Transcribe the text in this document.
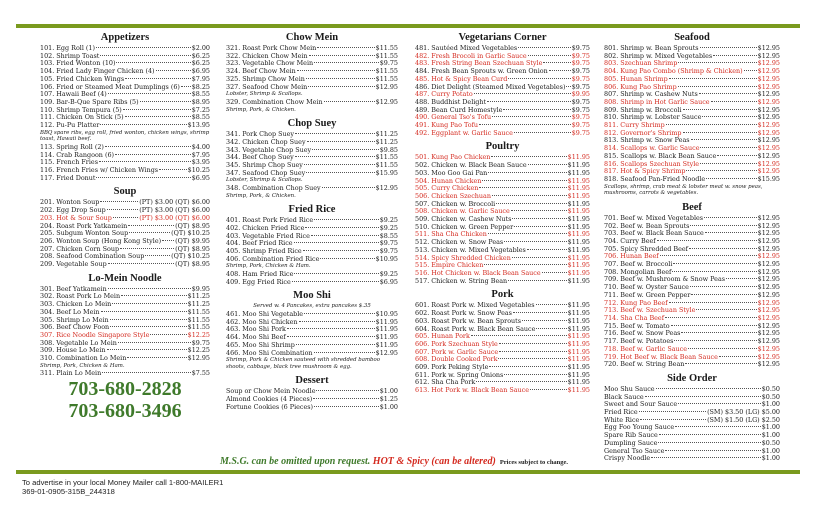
Appetizers
101. Egg Roll (1)	$2.00
102. Shrimp Toast	$6.25
103. Fried Wonton (10)	$6.25
104. Fried Lady Finger Chicken (4)	$6.95
105. Fried Chicken Wings	$7.95
106. Fried or Steamed Meat Dumplings (6) $8.25
107. Hawaii Beef (4)	$8.55
109. Bar-B-Que Spare Ribs (5)	$8.95
110. Shrimp Tempura (5)	$7.25
111. Chicken On Stick (5)	$8.55
112. Pu-Pu Platter	$13.95
BBQ spare ribs, egg roll, fried wonton, chicken wings, shrimp toast, Hawaii beef.
113. Spring Roll (2)	$4.00
114. Crab Rangoon (6)	$7.95
115. French Fries	$3.95
116. French Fries w/ Chicken Wings	$10.25
117. Fried Donut	$6.95
Soup
201. Wonton Soup	(PT) $3.00 (QT) $6.00
202. Egg Drop Soup	(PT) $3.00 (QT) $6.00
203. Hot & Sour Soup	(PT) $3.00 (QT) $6.00
204. Roast Pork Yatkamein	(QT) $8.95
205. Subgum Wonton Soup	(QT) $10.25
206. Wonton Soup (Hong Kong Style) (QT) $9.95
207. Chicken Corn Soup	(QT) $8.95
208. Seafood Combination Soup	(QT) $10.25
209. Vegetable Soup	(QT) $8.95
Lo-Mein Noodle
301. Beef Yatkamein	$9.95
302. Roast Pork Lo Mein	$11.25
303. Chicken Lo Mein	$11.25
304. Beef Lo Mein	$11.55
305. Shrimp Lo Mein	$11.55
306. Beef Chow Foon	$11.55
307. Rice Noodle Singapore Style	$12.25
308. Vegetable Lo Mein	$9.75
309. House Lo Mein	$12.25
310. Combination Lo Mein	$12.95
Shrimp, Pork, Chicken & Ham.
311. Plain Lo Mein	$7.55
703-680-2828
703-680-3496
Chow Mein
321. Roast Pork Chow Mein	$11.55
322. Chicken Chow Mein	$11.55
323. Vegetable Chow Mein	$9.75
324. Beef Chow Mein	$11.55
325. Shrimp Chow Mein	$11.55
327. Seafood Chow Mein	$12.95
Lobster, Shrimp & Scallops.
329. Combination Chow Mein	$12.95
Shrimp, Pork, & Chicken.
Chop Suey
341. Pork Chop Suey	$11.25
342. Chicken Chop Suey	$11.25
343. Vegetable Chop Suey	$9.85
344. Beef Chop Suey	$11.55
345. Shrimp Chop Suey	$11.55
347. Seafood Chop Suey	$15.95
Lobster, Shrimp & Scallops.
348. Combination Chop Suey	$12.95
Shrimp, Pork, & Chicken.
Fried Rice
401. Roast Pork Fried Rice	$9.25
402. Chicken Fried Rice	$9.25
403. Vegetable Fried Rice	$8.55
404. Beef Fried Rice	$9.75
405. Shrimp Fried Rice	$9.75
406. Combination Fried Rice	$10.95
Shrimp, Pork, Chicken & Ham.
408. Ham Fried Rice	$9.25
409. Egg Fried Rice	$6.95
Moo Shi
Served w. 4 Pancakes, extra pancakes $.35
461. Moo Shi Vegetable	$10.95
462. Moo Shi Chicken	$11.95
463. Moo Shi Pork	$11.95
464. Moo Shi Beef	$11.95
465. Moo Shi Shrimp	$11.95
466. Moo Shi Combination	$12.95
Shrimp, Pork & Chicken sauteed with shredded bamboo shoots, cabbage, black tree mushroom & egg.
Dessert
Soup or Chow Mein Noodle	$1.00
Almond Cookies (4 Pieces)	$1.25
Fortune Cookies (6 Pieces)	$1.00
Vegetarians Corner
481. Sautéed Mixed Vegetables	$9.75
482. Fresh Brocoli in Garlic Sauce	$9.75
483. Fresh String Bean Szechuan Style	$9.75
484. Fresh Bean Sprouts w. Green Onion	$9.75
485. Hot & Spicy Bean Curd	$9.75
486. Diet Delight (Steamed Mixed Vegetables) $9.75
487. Curry Potato	$9.95
488. Buddhist Delight	$9.75
489. Bean Curd Homestyle	$9.75
490. General Tso's Tofu	$9.75
491. Kung Pao Tofu	$9.75
492. Eggplant w. Garlic Sauce	$9.75
Poultry
501. Kung Pao Chicken	$11.95
502. Chicken w. Black Bean Sauce	$11.95
503. Moo Goo Gai Pan	$11.95
504. Hunan Chicken	$11.95
505. Curry Chicken	$11.95
506. Chicken Szechuan	$11.95
507. Chicken w. Broccoli	$11.95
508. Chicken w. Garlic Sauce	$11.95
509. Chicken w. Cashew Nuts	$11.95
510. Chicken w. Green Pepper	$11.95
511. Sha Cha Chicken	$11.95
512. Chicken w. Snow Peas	$11.95
513. Chicken w. Mixed Vegetables	$11.95
514. Spicy Shredded Chicken	$11.95
515. Empire Chicken	$11.95
516. Hot Chicken w. Black Bean Sauce	$11.95
517. Chicken w. String Bean	$11.95
Pork
601. Roast Pork w. Mixed Vegetables	$11.95
602. Roast Pork w. Snow Peas	$11.95
603. Roast Pork w. Bean Sprouts	$11.95
604. Roast Pork w. Black Bean Sauce	$11.95
605. Hunan Pork	$11.95
606. Pork Szechuan Style	$11.95
607. Pork w. Garlic Sauce	$11.95
608. Double Cooked Pork	$11.95
609. Pork Peking Style	$11.95
611. Pork w. Spring Onions	$11.95
612. Sha Cha Pork	$11.95
613. Hot Pork w. Black Bean Sauce	$11.95
Seafood
801. Shrimp w. Bean Sprouts	$12.95
802. Shrimp w. Mixed Vegetables	$12.95
803. Szechuan Shrimp	$12.95
804. Kung Pao Combo (Shrimp & Chicken) $12.95
805. Hunan Shrimp	$12.95
806. Kung Pao Shrimp	$12.95
807. Shrimp w. Cashew Nuts	$12.95
808. Shrimp in Hot Garlic Sauce	$12.95
809. Shrimp w. Broccoli	$12.95
810. Shrimp w. Lobster Sauce	$12.95
811. Curry Shrimp	$12.95
812. Governor's Shrimp	$12.95
813. Shrimp w. Snow Peas	$12.95
814. Scallops w. Garlic Sauce	$12.95
815. Scallops w. Black Bean Sauce	$12.95
816. Scallops Szechuan Style	$12.95
817. Hot & Spicy Shrimp	$12.95
818. Seafood Pan-Fried Noodle	$15.95
Scallops, shrimp, crab meat & lobster meat w. snow peas, mushrooms, carrots & vegetables.
Beef
701. Beef w. Mixed Vegetables	$12.95
702. Beef w. Bean Sprouts	$12.95
703. Beef w. Black Bean Sauce	$12.95
704. Curry Beef	$12.95
705. Spicy Shredded Beef	$12.95
706. Hunan Beef	$12.95
707. Beef w. Broccoli	$12.95
708. Mongolian Beef	$12.95
709. Beef w. Mushroom & Snow Peas	$12.95
710. Beef w. Oyster Sauce	$12.95
711. Beef w. Green Pepper	$12.95
712. Kung Pao Beef	$12.95
713. Beef w. Szechuan Style	$12.95
714. Sha Cha Beef	$12.95
715. Beef w. Tomato	$12.95
716. Beef w. Snow Peas	$12.95
717. Beef w. Potatoes	$12.95
718. Beef w. Garlic Sauce	$12.95
719. Hot Beef w. Black Bean Sauce	$12.95
720. Beef w. String Bean	$12.95
Side Order
Moo Shu Sauce	$0.50
Black Sauce	$0.50
Sweet and Sour Sauce	$1.00
Fried Rice	(SM) $3.50 (LG) $5.00
White Rice	(SM) $1.50 (LG) $2.50
Egg Foo Young Sauce	$1.00
Spare Rib Sauce	$1.00
Dumpling Sauce	$0.50
General Tso Sauce	$1.00
Crispy Noodle	$1.00
M.S.G. can be omitted upon request. HOT & Spicy (can be altered) Prices subject to change.
To advertise in your local Money Mailer call 1-800-MAILER1
369-01-0905-315B_244318
